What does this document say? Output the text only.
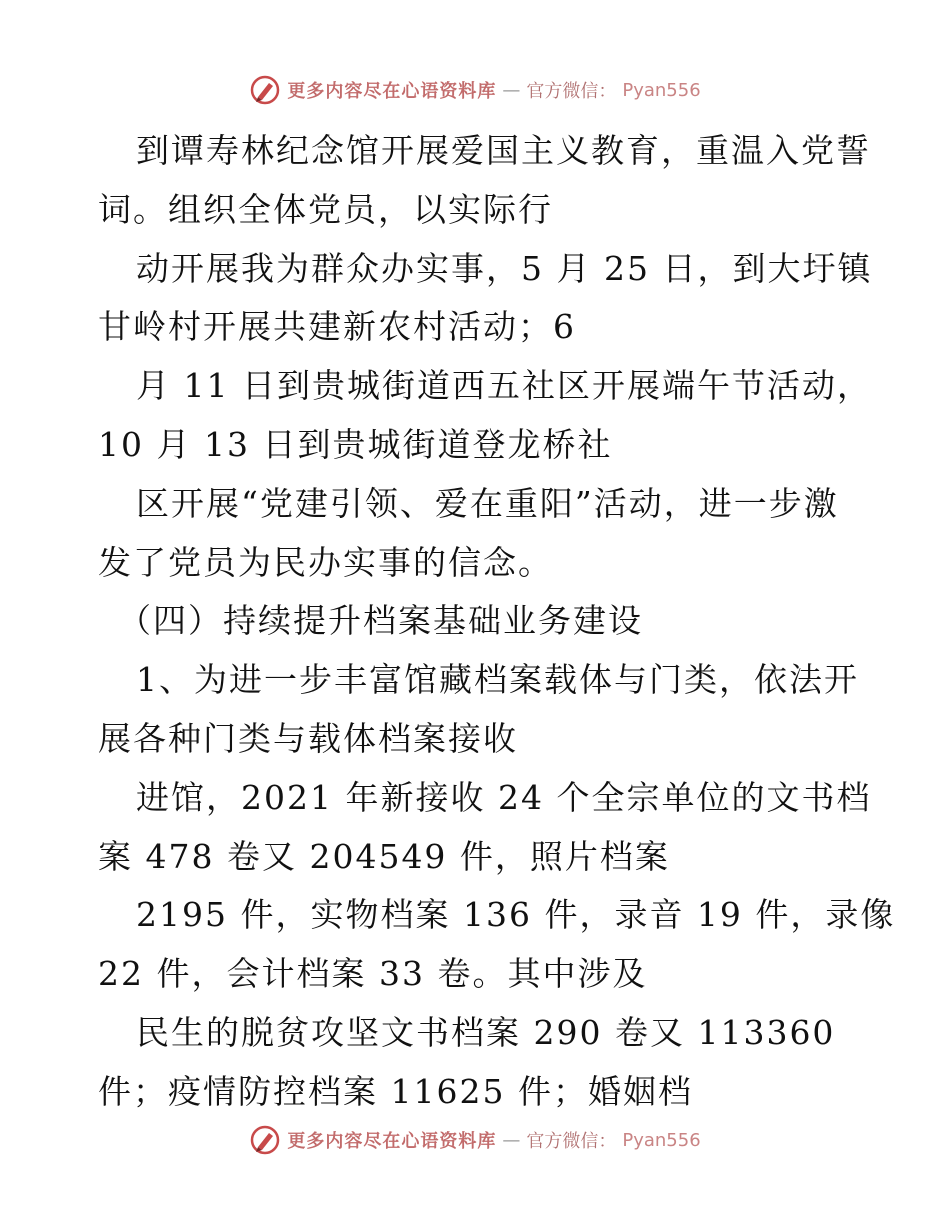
更多内容尽在心语资料库 — 官方微信： Pyan556
到谭寿林纪念馆开展爱国主义教育，重温入党誓
词。组织全体党员，以实际行
动开展我为群众办实事，5 月 25 日，到大圩镇
甘岭村开展共建新农村活动；6
月 11 日到贵城街道西五社区开展端午节活动，
10 月 13 日到贵城街道登龙桥社
区开展“党建引领、爱在重阳”活动，进一步激
发了党员为民办实事的信念。
（四）持续提升档案基础业务建设
1、为进一步丰富馆藏档案载体与门类，依法开
展各种门类与载体档案接收
进馆，2021 年新接收 24 个全宗单位的文书档
案 478 卷又 204549 件，照片档案
2195 件，实物档案 136 件，录音 19 件，录像
22 件，会计档案 33 卷。其中涉及
民生的脱贫攻坚文书档案 290 卷又 113360
件；疫情防控档案 11625 件；婚姻档
更多内容尽在心语资料库 — 官方微信： Pyan556
